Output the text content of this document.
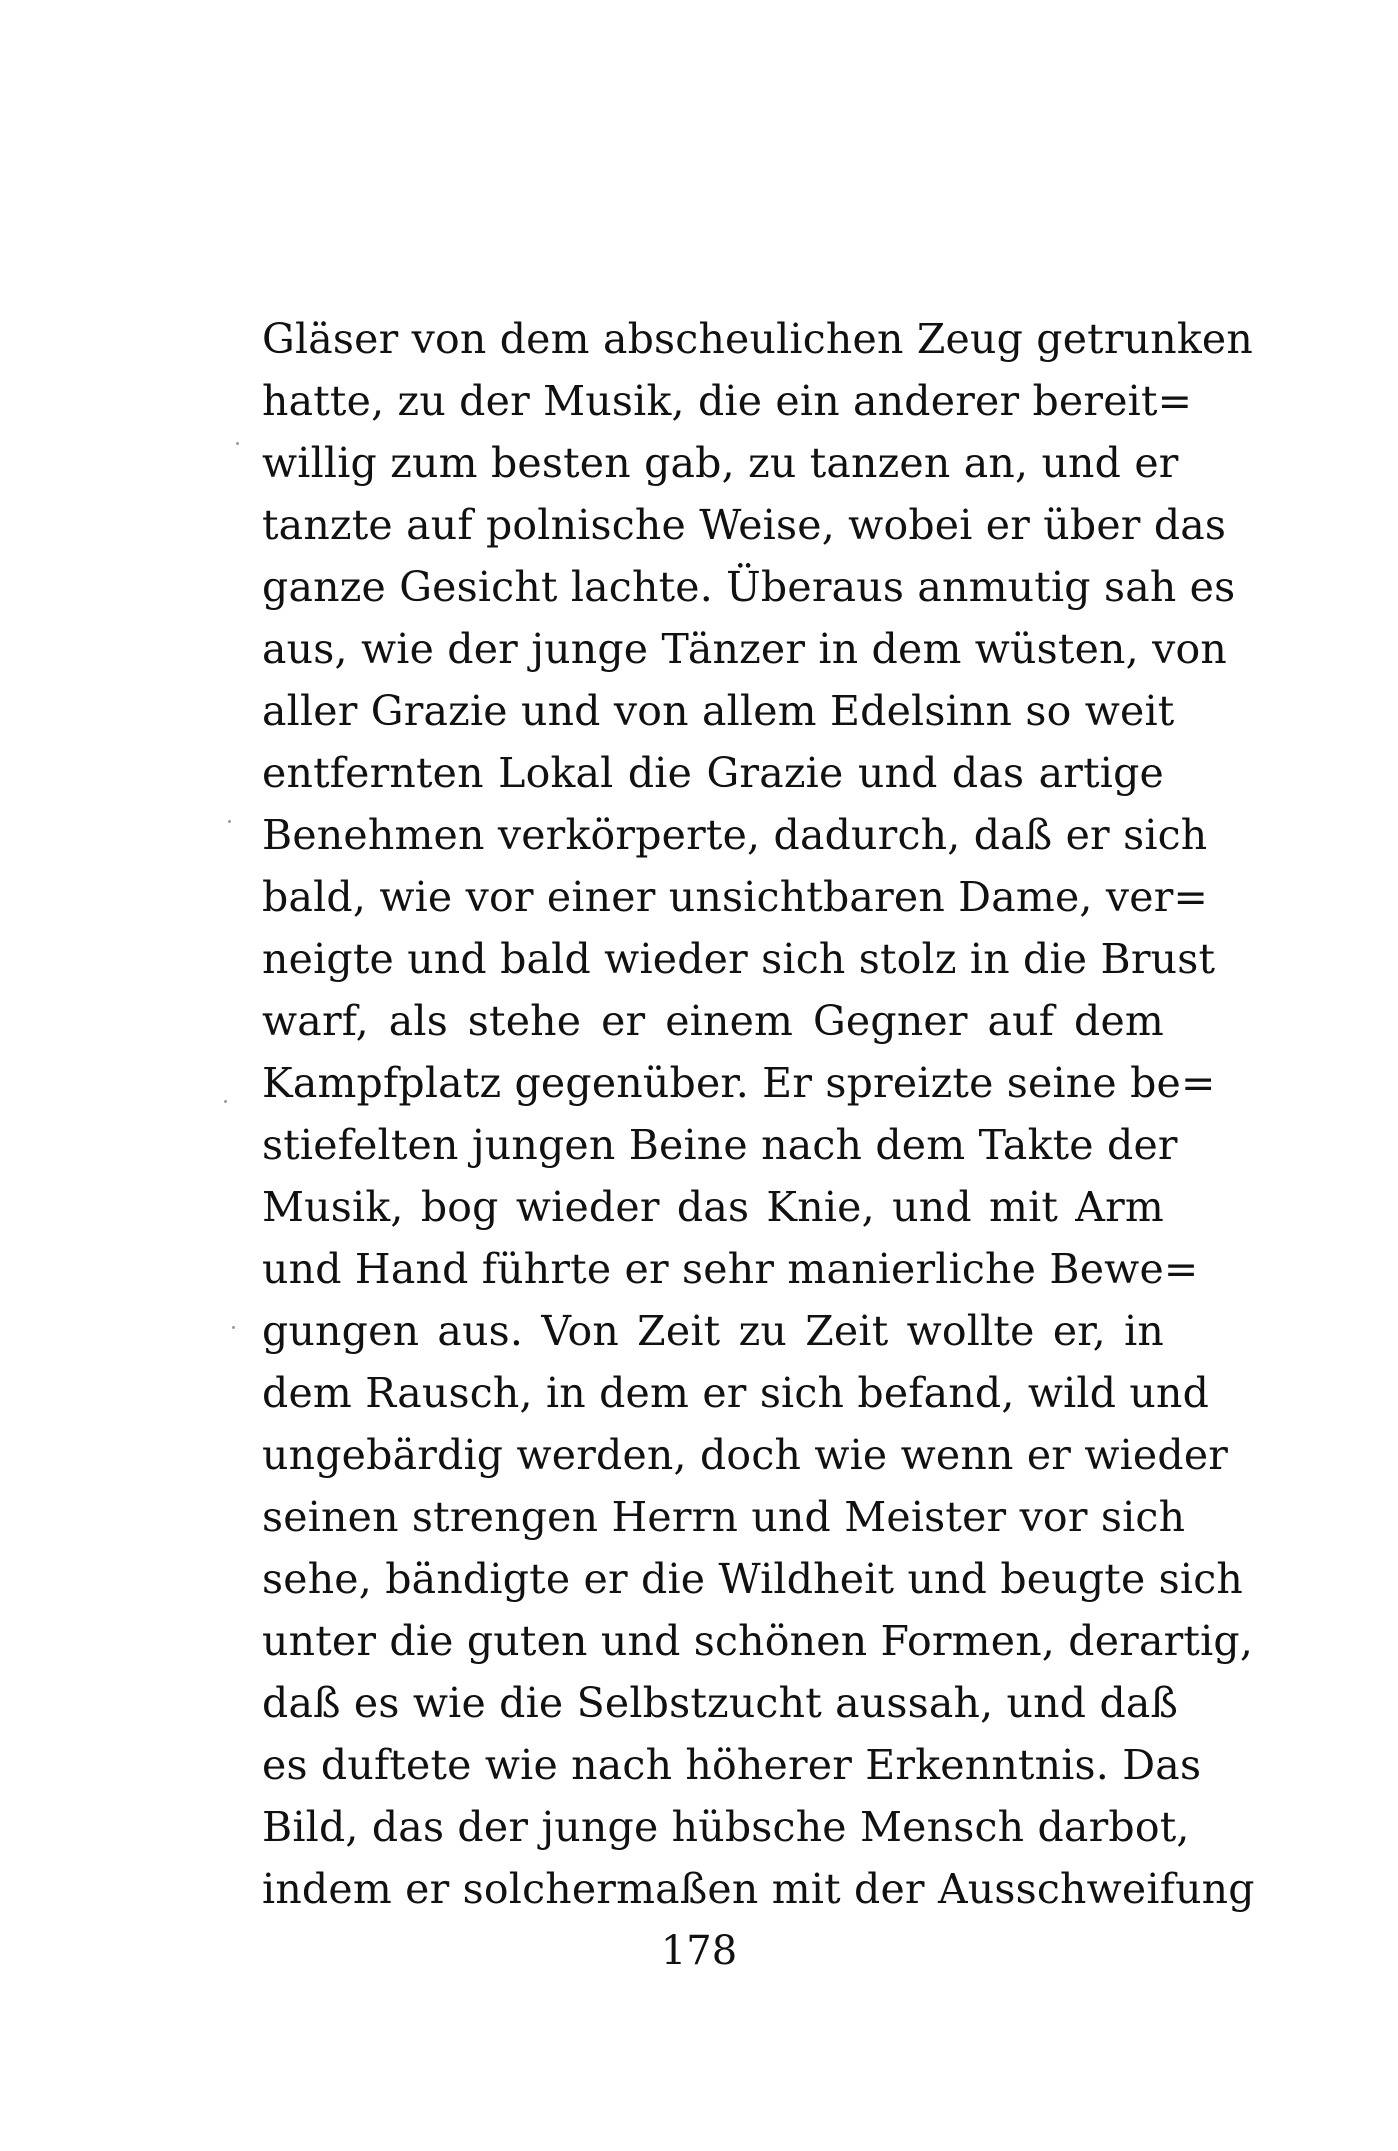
Gläser von dem abscheulichen Zeug getrunken
hatte, zu der Musik, die ein anderer bereit=
willig zum besten gab, zu tanzen an, und er
tanzte auf polnische Weise, wobei er über das
ganze Gesicht lachte. Überaus anmutig sah es
aus, wie der junge Tänzer in dem wüsten, von
aller Grazie und von allem Edelsinn so weit
entfernten Lokal die Grazie und das artige
Benehmen verkörperte, dadurch, daß er sich
bald, wie vor einer unsichtbaren Dame, ver=
neigte und bald wieder sich stolz in die Brust
warf, als stehe er einem Gegner auf dem
Kampfplatz gegenüber. Er spreizte seine be=
stiefelten jungen Beine nach dem Takte der
Musik, bog wieder das Knie, und mit Arm
und Hand führte er sehr manierliche Bewe=
gungen aus. Von Zeit zu Zeit wollte er, in
dem Rausch, in dem er sich befand, wild und
ungebärdig werden, doch wie wenn er wieder
seinen strengen Herrn und Meister vor sich
sehe, bändigte er die Wildheit und beugte sich
unter die guten und schönen Formen, derartig,
daß es wie die Selbstzucht aussah, und daß
es duftete wie nach höherer Erkenntnis. Das
Bild, das der junge hübsche Mensch darbot,
indem er solchermaßen mit der Ausschweifung
178
